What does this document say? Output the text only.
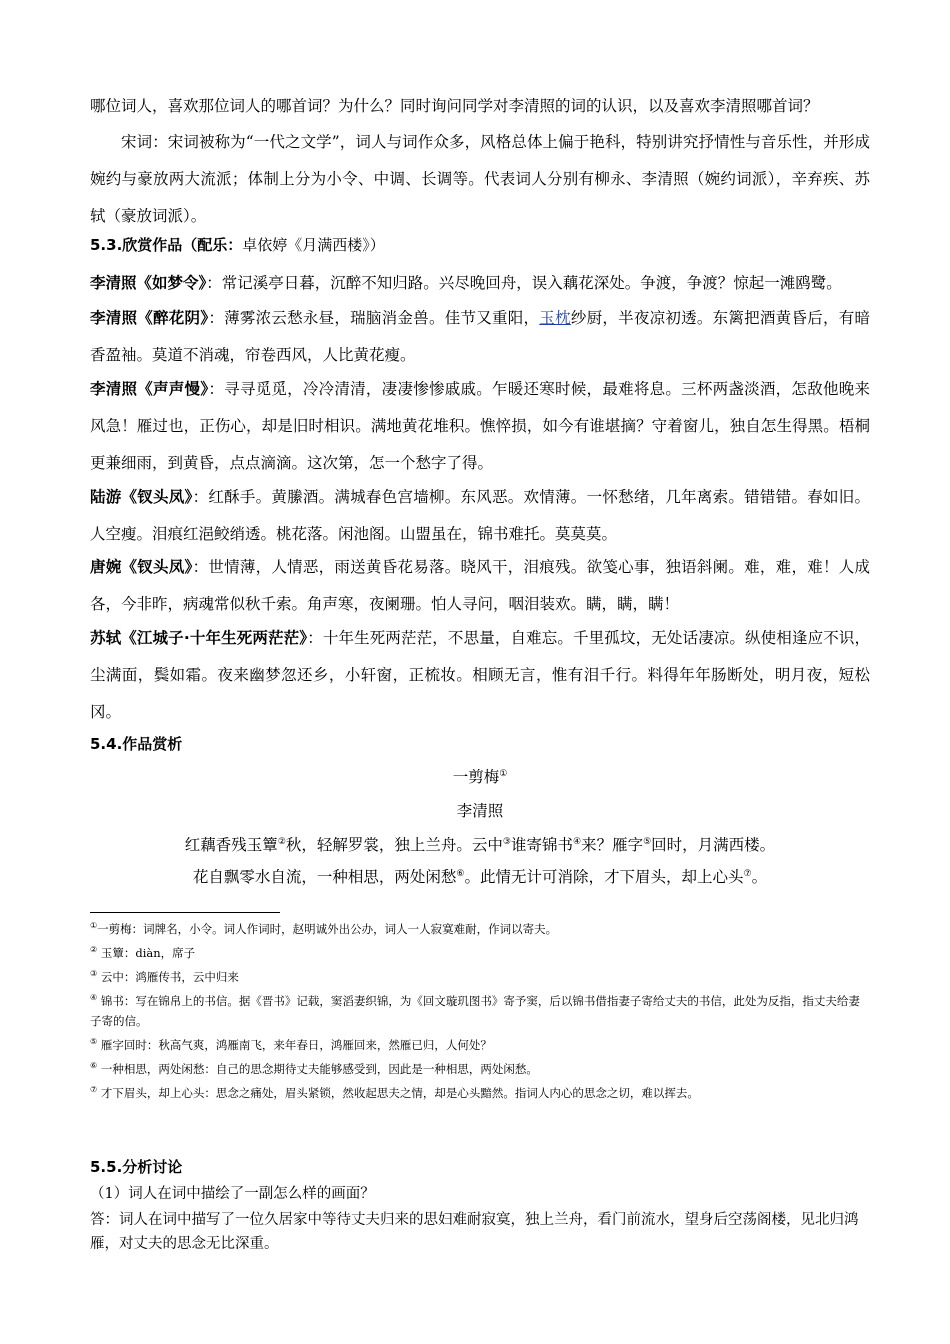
哪位词人，喜欢那位词人的哪首词？为什么？同时询问同学对李清照的词的认识，以及喜欢李清照哪首词？
宋词：宋词被称为“一代之文学”，词人与词作众多，风格总体上偏于艳科，特别讲究抒情性与音乐性，并形成婉约与豪放两大流派；体制上分为小令、中调、长调等。代表词人分别有柳永、李清照（婉约词派），辛弃疾、苏轼（豪放词派）。
5.3.欣赏作品（配乐：卓依婷《月满西楼》）
李清照《如梦令》：常记溪亭日暮，沉醉不知归路。兴尽晚回舟，误入藕花深处。争渡，争渡？惊起一滩鸥鹭。
李清照《醉花阴》：薄雾浓云愁永昼，瑞脑消金兽。佳节又重阳，玉枕纱厨，半夜凉初透。东篱把酒黄昏后，有暗香盈袖。莫道不消魂，帘卷西风，人比黄花瘦。
李清照《声声慢》：寻寻觅觅，冷冷清清，凄凄惨惨戚戚。乍暖还寒时候，最难将息。三杯两盏淡酒，怎敌他晚来风急！雁过也，正伤心，却是旧时相识。满地黄花堆积。憔悴损，如今有谁堪摘？守着窗儿，独自怎生得黑。梧桐更兼细雨，到黄昏，点点滴滴。这次第，怎一个愁字了得。
陆游《钗头凤》：红酥手。黄縢酒。满城春色宫墙柳。东风恶。欢情薄。一怀愁绪，几年离索。错错错。春如旧。人空瘦。泪痕红浥鲛绡透。桃花落。闲池阁。山盟虽在，锦书难托。莫莫莫。
唐婉《钗头凤》：世情薄，人情恶，雨送黄昏花易落。晓风干，泪痕残。欲笺心事，独语斜阑。难，难，难！人成各，今非昨，病魂常似秋千索。角声寒，夜阑珊。怕人寻问，咽泪装欢。瞒，瞒，瞒！
苏轼《江城子·十年生死两茫茫》：十年生死两茫茫，不思量，自难忘。千里孤坟，无处话凄凉。纵使相逢应不识，尘满面，鬓如霜。夜来幽梦忽还乡，小轩窗，正梳妆。相顾无言，惟有泪千行。料得年年肠断处，明月夜，短松冈。
5.4.作品赏析
一剪梅①
李清照
红藕香残玉簟②秋，轻解罗裳，独上兰舟。云中③谁寄锦书④来？雁字⑤回时，月满西楼。
花自飘零水自流，一种相思，两处闲愁⑥。此情无计可消除，才下眉头，却上心头⑦。
①一剪梅：词牌名，小令。词人作词时，赵明诚外出公办，词人一人寂寞难耐，作词以寄夫。
② 玉簟：diàn，席子
③ 云中：鸿雁传书，云中归来
④ 锦书：写在锦帛上的书信。据《晋书》记载，窦滔妻织锦，为《回文璇玑图书》寄予窦，后以锦书借指妻子寄给丈夫的书信，此处为反指，指丈夫给妻子寄的信。
⑤ 雁字回时：秋高气爽，鸿雁南飞，来年春日，鸿雁回来，然雁已归，人何处？
⑥ 一种相思，两处闲愁：自己的思念期待丈夫能够感受到，因此是一种相思，两处闲愁。
⑦ 才下眉头，却上心头：思念之痛处，眉头紧锁，然收起思夫之情，却是心头黯然。指词人内心的思念之切，难以挥去。
5.5.分析讨论
（1）词人在词中描绘了一副怎么样的画面？
答：词人在词中描写了一位久居家中等待丈夫归来的思妇难耐寂寞，独上兰舟，看门前流水，望身后空荡阁楼，见北归鸿雁，对丈夫的思念无比深重。
